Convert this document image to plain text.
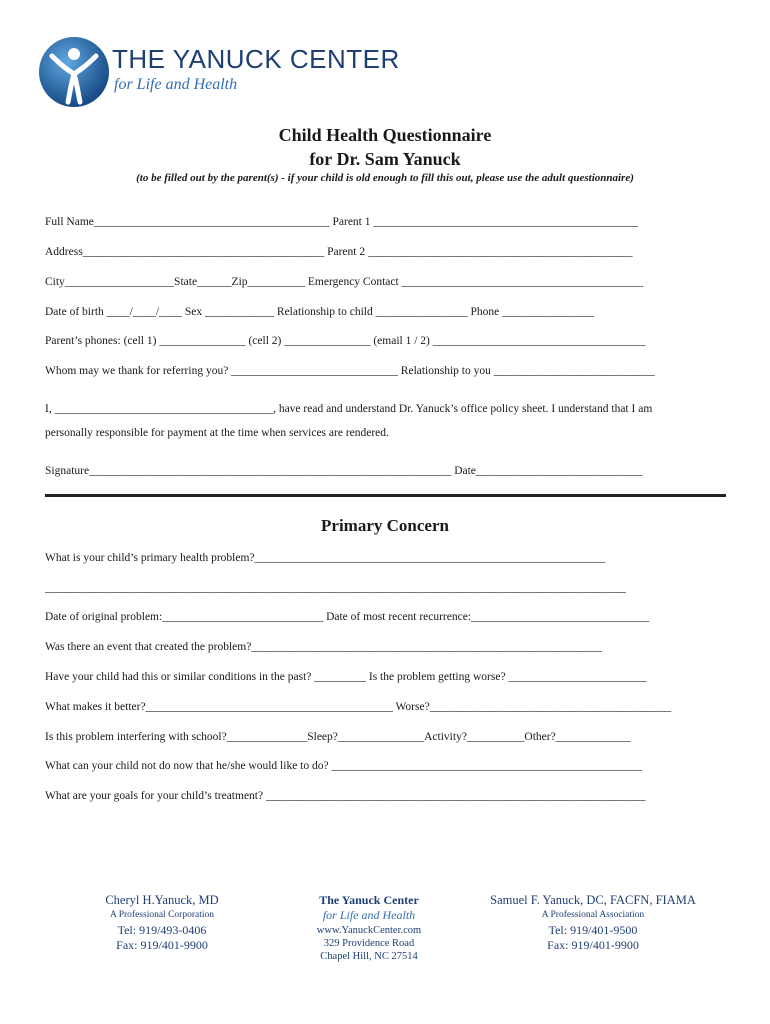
THE YANUCK CENTER
for Life and Health
Child Health Questionnaire
for Dr. Sam Yanuck
(to be filled out by the parent(s) - if your child is old enough to fill this out, please use the adult questionnaire)
Full Name_________________________________________ Parent 1 ______________________________________________
Address__________________________________________ Parent 2 ______________________________________________
City___________________State______Zip__________ Emergency Contact __________________________________________
Date of birth ____/____/____ Sex ____________ Relationship to child ________________ Phone ________________
Parent’s phones: (cell 1) _______________ (cell 2) _______________ (email 1 / 2) _____________________________________
Whom may we thank for referring you? _____________________________ Relationship to you ____________________________
I, ______________________________________, have read and understand Dr. Yanuck’s office policy sheet. I understand that I am
personally responsible for payment at the time when services are rendered.
Signature_______________________________________________________________ Date_____________________________
Primary Concern
What is your child’s primary health problem?_____________________________________________________________
_____________________________________________________________________________________________________
Date of original problem:____________________________ Date of most recent recurrence:_______________________________
Was there an event that created the problem?_____________________________________________________________
Have your child had this or similar conditions in the past? _________ Is the problem getting worse? ________________________
What makes it better?___________________________________________ Worse?__________________________________________
Is this problem interfering with school?______________Sleep?_______________Activity?__________Other?_____________
What can your child not do now that he/she would like to do? ______________________________________________________
What are your goals for your child’s treatment? __________________________________________________________________
Cheryl H.Yanuck, MD
A Professional Corporation
Tel: 919/493-0406
Fax: 919/401-9900
The Yanuck Center
for Life and Health
www.YanuckCenter.com
329 Providence Road
Chapel Hill, NC 27514
Samuel F. Yanuck, DC, FACFN, FIAMA
A Professional Association
Tel: 919/401-9500
Fax: 919/401-9900
